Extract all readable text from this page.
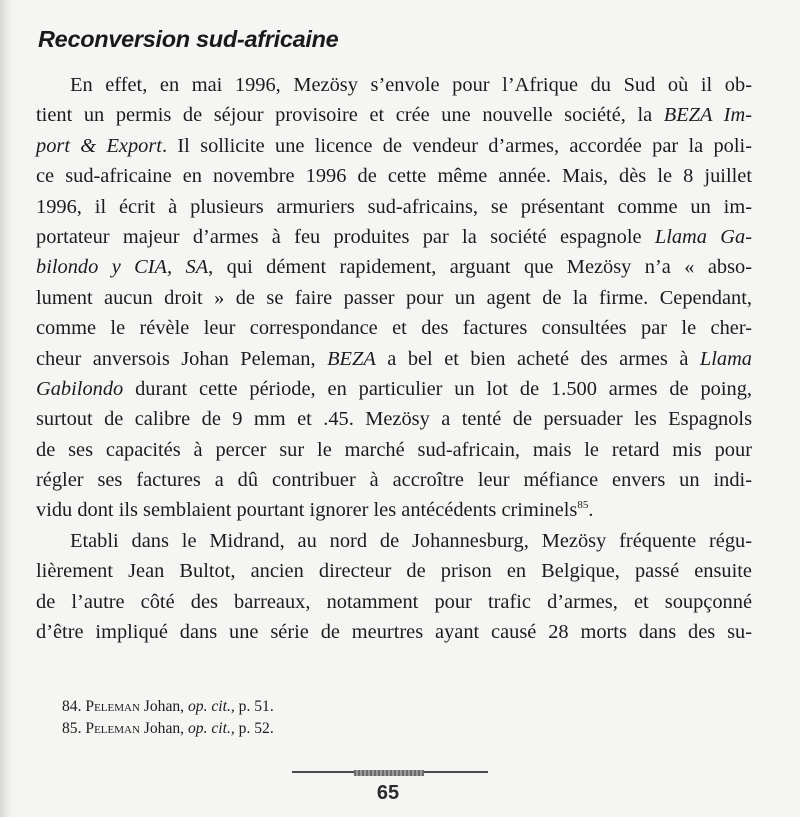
Reconversion sud-africaine
En effet, en mai 1996, Mezösy s’envole pour l’Afrique du Sud où il ob-
tient un permis de séjour provisoire et crée une nouvelle société, la BEZA Im-
port & Export. Il sollicite une licence de vendeur d’armes, accordée par la poli-
ce sud-africaine en novembre 1996 de cette même année. Mais, dès le 8 juillet
1996, il écrit à plusieurs armuriers sud-africains, se présentant comme un im-
portateur majeur d’armes à feu produites par la société espagnole Llama Ga-
bilondo y CIA, SA, qui dément rapidement, arguant que Mezösy n’a « abso-
lument aucun droit » de se faire passer pour un agent de la firme. Cependant,
comme le révèle leur correspondance et des factures consultées par le cher-
cheur anversois Johan Peleman, BEZA a bel et bien acheté des armes à Llama
Gabilondo durant cette période, en particulier un lot de 1.500 armes de poing,
surtout de calibre de 9 mm et .45. Mezösy a tenté de persuader les Espagnols
de ses capacités à percer sur le marché sud-africain, mais le retard mis pour
régler ses factures a dû contribuer à accroître leur méfiance envers un indi-
vidu dont ils semblaient pourtant ignorer les antécédents criminels$^{85}$.
Etabli dans le Midrand, au nord de Johannesburg, Mezösy fréquente régu-
lièrement Jean Bultot, ancien directeur de prison en Belgique, passé ensuite
de l’autre côté des barreaux, notamment pour trafic d’armes, et soupçonné
d’être impliqué dans une série de meurtres ayant causé 28 morts dans des su-
84. Peleman Johan, op. cit., p. 51.
85. Peleman Johan, op. cit., p. 52.
65
